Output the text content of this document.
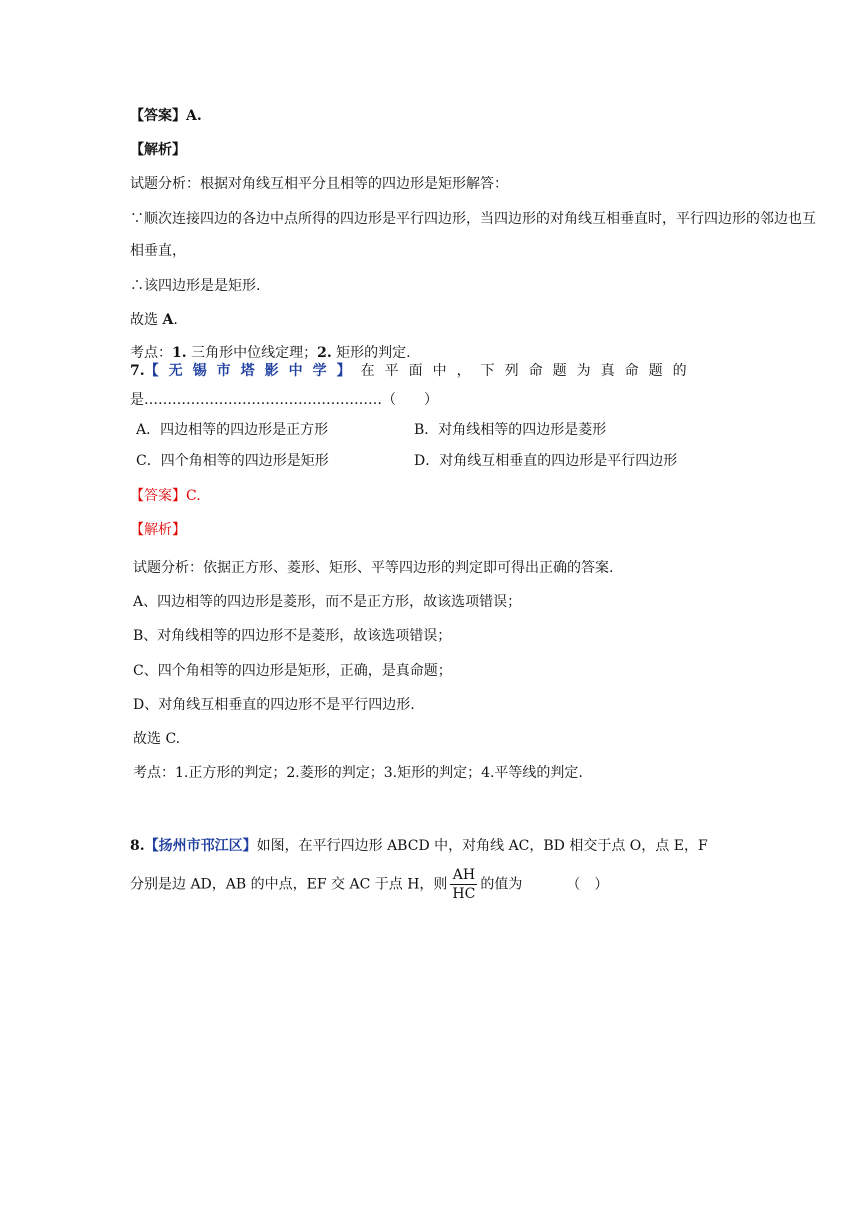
【答案】A.
【解析】
试题分析：根据对角线互相平分且相等的四边形是矩形解答：
∵顺次连接四边的各边中点所得的四边形是平行四边形，当四边形的对角线互相垂直时，平行四边形的邻边也互
相垂直，
∴该四边形是是矩形.
故选 A.
考点：1. 三角形中位线定理；2. 矩形的判定.
7.【无锡市塔影中学】在平面中，下列命题为真命题的
是……………………………………………（　　）
A．四边相等的四边形是正方形	B．对角线相等的四边形是菱形
C．四个角相等的四边形是矩形	D．对角线互相垂直的四边形是平行四边形
【答案】C.
【解析】
试题分析：依据正方形、菱形、矩形、平等四边形的判定即可得出正确的答案.
A、四边相等的四边形是菱形，而不是正方形，故该选项错误；
B、对角线相等的四边形不是菱形，故该选项错误；
C、四个角相等的四边形是矩形，正确，是真命题；
D、对角线互相垂直的四边形不是平行四边形.
故选 C.
考点：1.正方形的判定；2.菱形的判定；3.矩形的判定；4.平等线的判定.
8.【扬州市邗江区】如图，在平行四边形 ABCD 中，对角线 AC，BD 相交于点 O，点 E，F
分别是边 AD，AB 的中点，EF 交 AC 于点 H，则 $\frac{AH}{HC}$ 的值为	（　）
